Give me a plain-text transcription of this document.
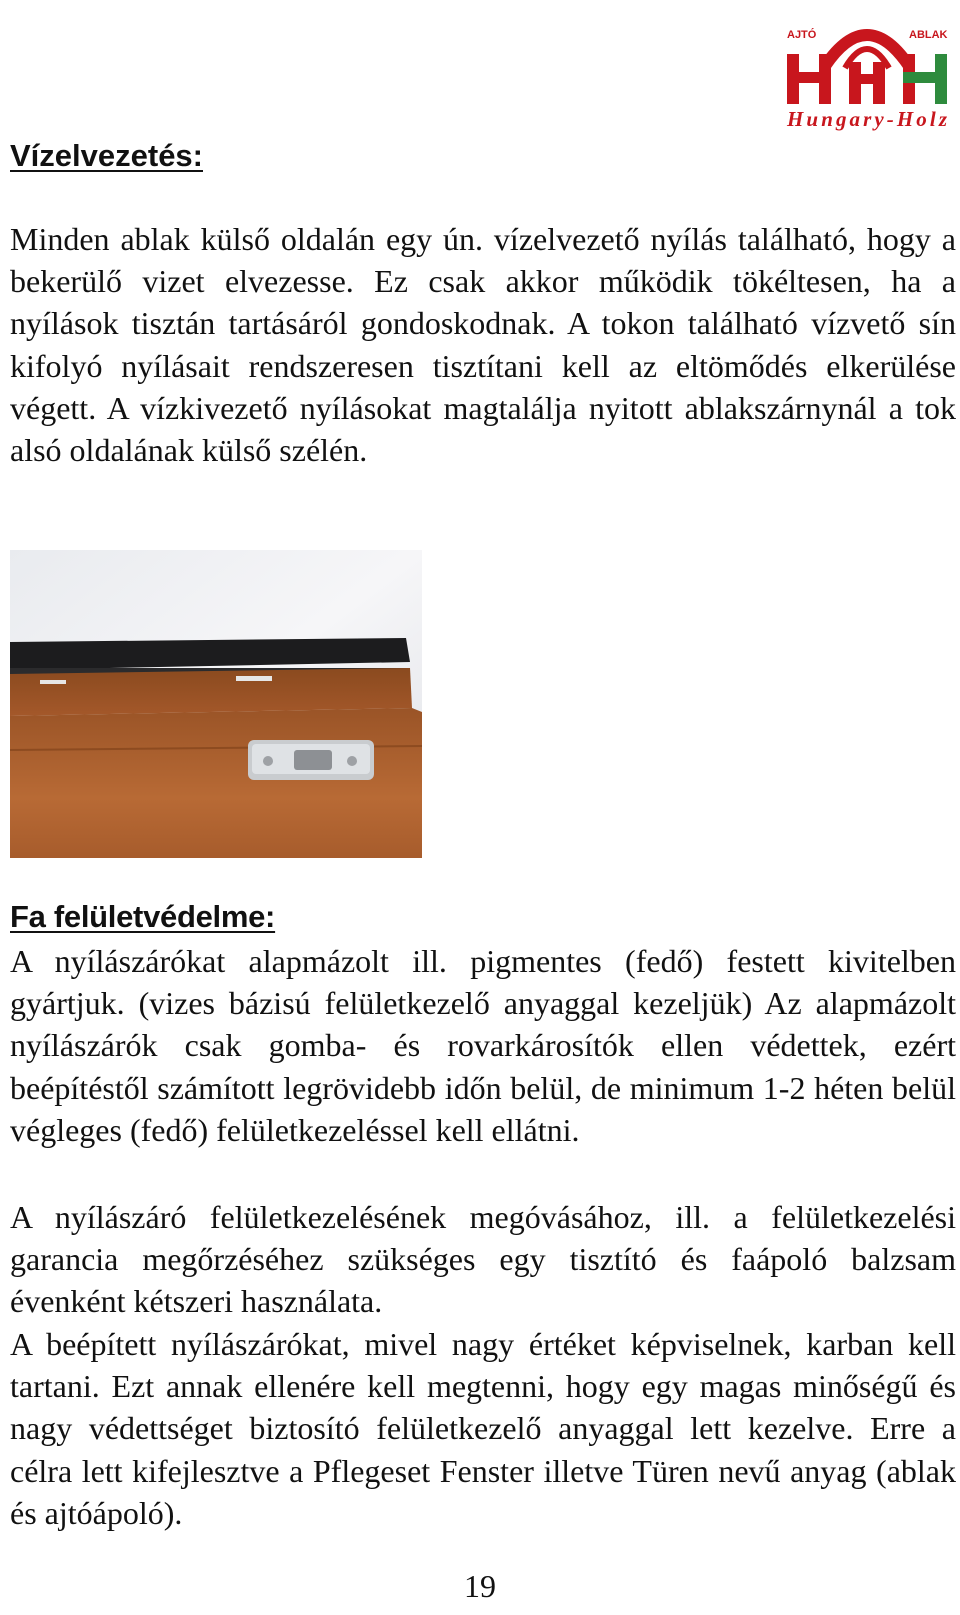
AJTÓ	ABLAK
Hungary-Holz
Vízelvezetés:

Minden ablak külső oldalán egy ún. vízelvezető nyílás található, hogy a bekerülő vizet elvezesse. Ez csak akkor működik tökéltesen, ha a nyílások tisztán tartásáról gondoskodnak. A tokon található vízvető sín kifolyó nyílásait rendszeresen tisztítani kell az eltömődés elkerülése végett. A vízkivezető nyílásokat magtalálja nyitott ablakszárnynál a tok alsó oldalának külső szélén.

Fa felületvédelme:

A nyílászárókat alapmázolt ill. pigmentes (fedő) festett kivitelben gyártjuk. (vizes bázisú felületkezelő anyaggal kezeljük) Az alapmázolt nyílászárók csak gomba- és rovarkárosítók ellen védettek, ezért beépítéstől számított legrövidebb időn belül, de minimum 1-2 héten belül végleges (fedő) felületkezeléssel kell ellátni.

A nyílászáró felületkezelésének megóvásához, ill. a felületkezelési garancia megőrzéséhez szükséges egy tisztító és faápoló balzsam évenként kétszeri használata.

A beépített nyílászárókat, mivel nagy értéket képviselnek, karban kell tartani. Ezt annak ellenére kell megtenni, hogy egy magas minőségű és nagy védettséget biztosító felületkezelő anyaggal lett kezelve. Erre a célra lett kifejlesztve a Pflegeset Fenster illetve Türen nevű anyag (ablak és ajtóápoló).

19
